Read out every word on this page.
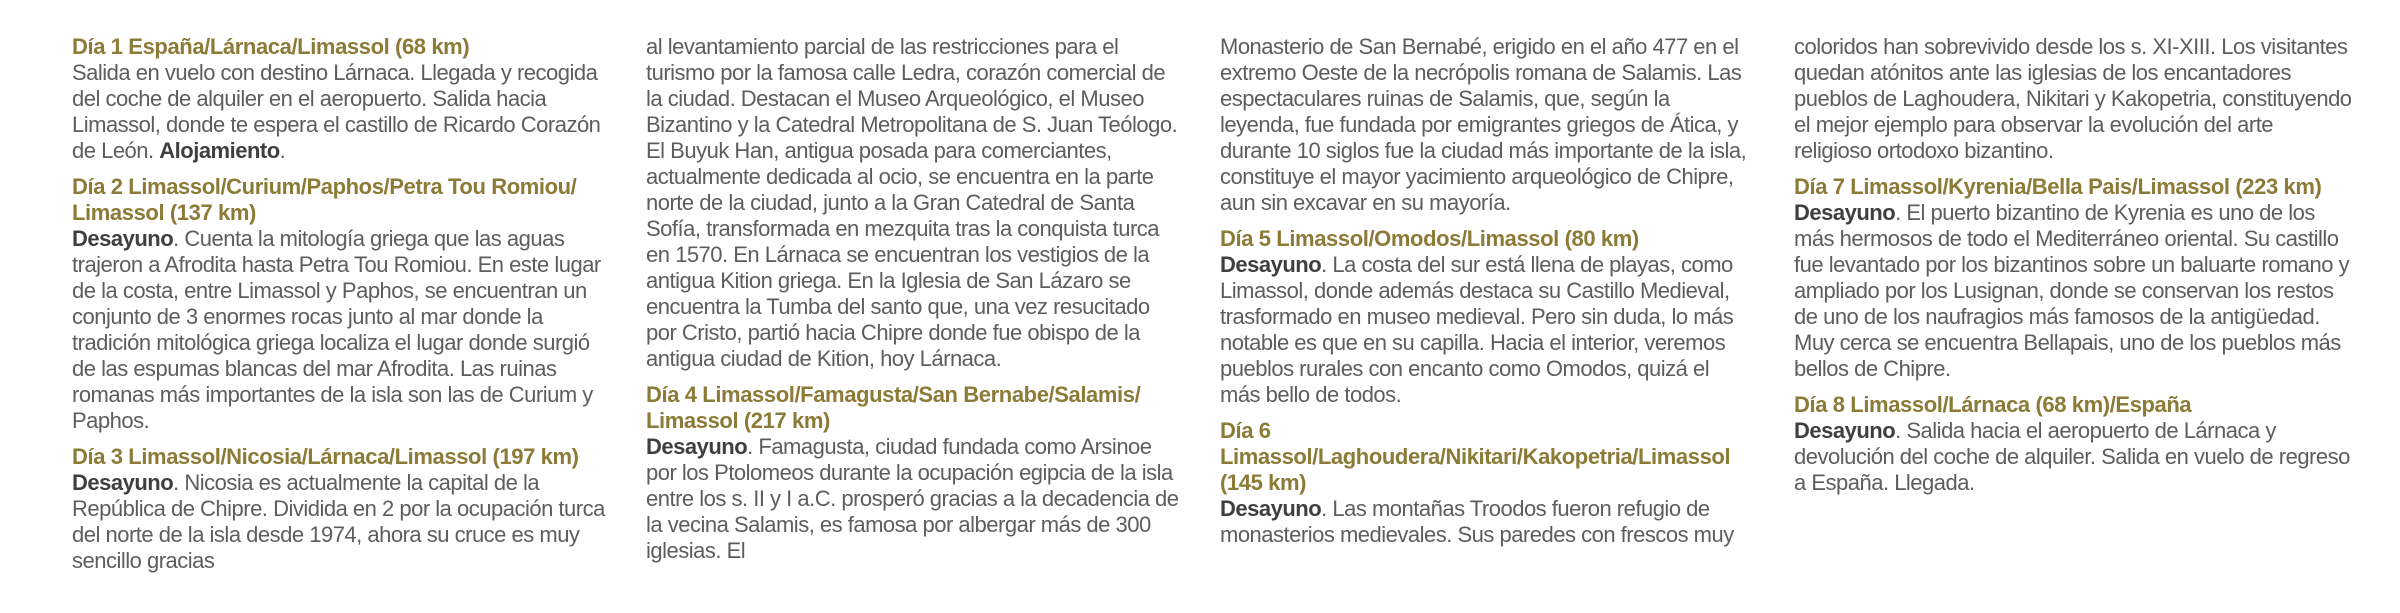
Día 1 España/Lárnaca/Limassol (68 km)

Salida en vuelo con destino Lárnaca. Llegada y recogida del coche de alquiler en el aeropuerto. Salida hacia Limassol, donde te espera el castillo de Ricardo Corazón de León. Alojamiento.

Día 2 Limassol/Curium/Paphos/Petra Tou Romiou/ Limassol (137 km)

Desayuno. Cuenta la mitología griega que las aguas trajeron a Afrodita hasta Petra Tou Romiou. En este lugar de la costa, entre Limassol y Paphos, se encuentran un conjunto de 3 enormes rocas junto al mar donde la tradición mitológica griega localiza el lugar donde surgió de las espumas blancas del mar Afrodita. Las ruinas romanas más importantes de la isla son las de Curium y Paphos.

Día 3 Limassol/Nicosia/Lárnaca/Limassol (197 km)

Desayuno. Nicosia es actualmente la capital de la República de Chipre. Dividida en 2 por la ocupación turca del norte de la isla desde 1974, ahora su cruce es muy sencillo gracias

al levantamiento parcial de las restricciones para el turismo por la famosa calle Ledra, corazón comercial de la ciudad. Destacan el Museo Arqueológico, el Museo Bizantino y la Catedral Metropolitana de S. Juan Teólogo. El Buyuk Han, antigua posada para comerciantes, actualmente dedicada al ocio, se encuentra en la parte norte de la ciudad, junto a la Gran Catedral de Santa Sofía, transformada en mezquita tras la conquista turca en 1570. En Lárnaca se encuentran los vestigios de la antigua Kition griega. En la Iglesia de San Lázaro se encuentra la Tumba del santo que, una vez resucitado por Cristo, partió hacia Chipre donde fue obispo de la antigua ciudad de Kition, hoy Lárnaca.

Día 4 Limassol/Famagusta/San Bernabe/Salamis/ Limassol (217 km)

Desayuno. Famagusta, ciudad fundada como Arsinoe por los Ptolomeos durante la ocupación egipcia de la isla entre los s. II y I a.C. prosperó gracias a la decadencia de la vecina Salamis, es famosa por albergar más de 300 iglesias. El

Monasterio de San Bernabé, erigido en el año 477 en el extremo Oeste de la necrópolis romana de Salamis. Las espectaculares ruinas de Salamis, que, según la leyenda, fue fundada por emigrantes griegos de Ática, y durante 10 siglos fue la ciudad más importante de la isla, constituye el mayor yacimiento arqueológico de Chipre, aun sin excavar en su mayoría.

Día 5 Limassol/Omodos/Limassol (80 km)

Desayuno. La costa del sur está llena de playas, como Limassol, donde además destaca su Castillo Medieval, trasformado en museo medieval. Pero sin duda, lo más notable es que en su capilla. Hacia el interior, veremos pueblos rurales con encanto como Omodos, quizá el más bello de todos.

Día 6 Limassol/Laghoudera/Nikitari/Kakopetria/Limassol (145 km)

Desayuno. Las montañas Troodos fueron refugio de monasterios medievales. Sus paredes con frescos muy

coloridos han sobrevivido desde los s. XI-XIII. Los visitantes quedan atónitos ante las iglesias de los encantadores pueblos de Laghoudera, Nikitari y Kakopetria, constituyendo el mejor ejemplo para observar la evolución del arte religioso ortodoxo bizantino.

Día 7 Limassol/Kyrenia/Bella Pais/Limassol (223 km)

Desayuno. El puerto bizantino de Kyrenia es uno de los más hermosos de todo el Mediterráneo oriental. Su castillo fue levantado por los bizantinos sobre un baluarte romano y ampliado por los Lusignan, donde se conservan los restos de uno de los naufragios más famosos de la antigüedad. Muy cerca se encuentra Bellapais, uno de los pueblos más bellos de Chipre.

Día 8 Limassol/Lárnaca (68 km)/España

Desayuno. Salida hacia el aeropuerto de Lárnaca y devolución del coche de alquiler. Salida en vuelo de regreso a España. Llegada.
